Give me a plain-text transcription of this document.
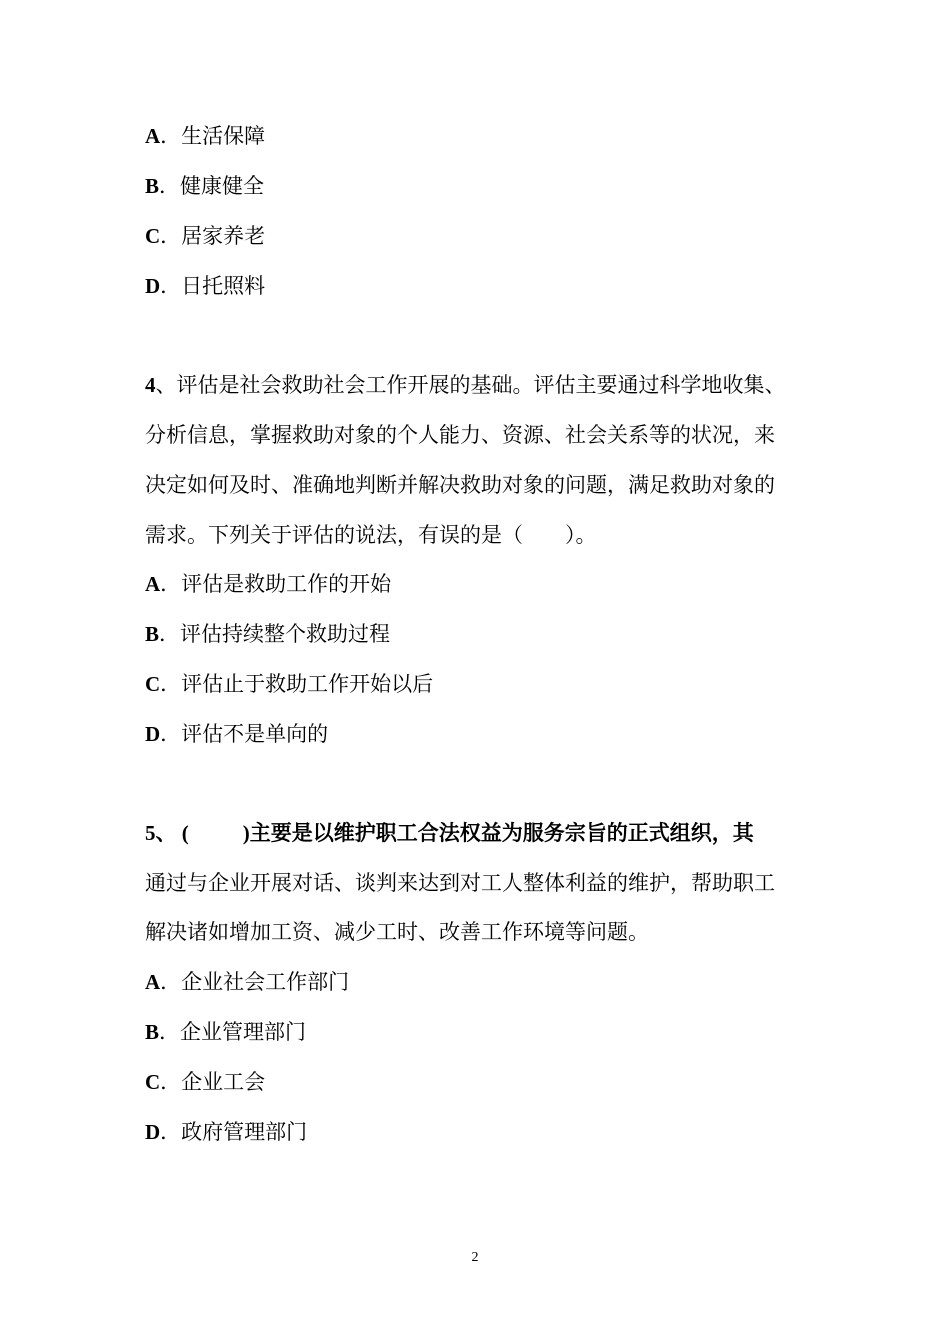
A．生活保障
B．健康健全
C．居家养老
D．日托照料
4、评估是社会救助社会工作开展的基础。评估主要通过科学地收集、
分析信息，掌握救助对象的个人能力、资源、社会关系等的状况，来
决定如何及时、准确地判断并解决救助对象的问题，满足救助对象的
需求。下列关于评估的说法，有误的是（　　）。
A．评估是救助工作的开始
B．评估持续整个救助过程
C．评估止于救助工作开始以后
D．评估不是单向的
5、 (	)主要是以维护职工合法权益为服务宗旨的正式组织，其
通过与企业开展对话、谈判来达到对工人整体利益的维护，帮助职工
解决诸如增加工资、减少工时、改善工作环境等问题。
A．企业社会工作部门
B．企业管理部门
C．企业工会
D．政府管理部门
2
